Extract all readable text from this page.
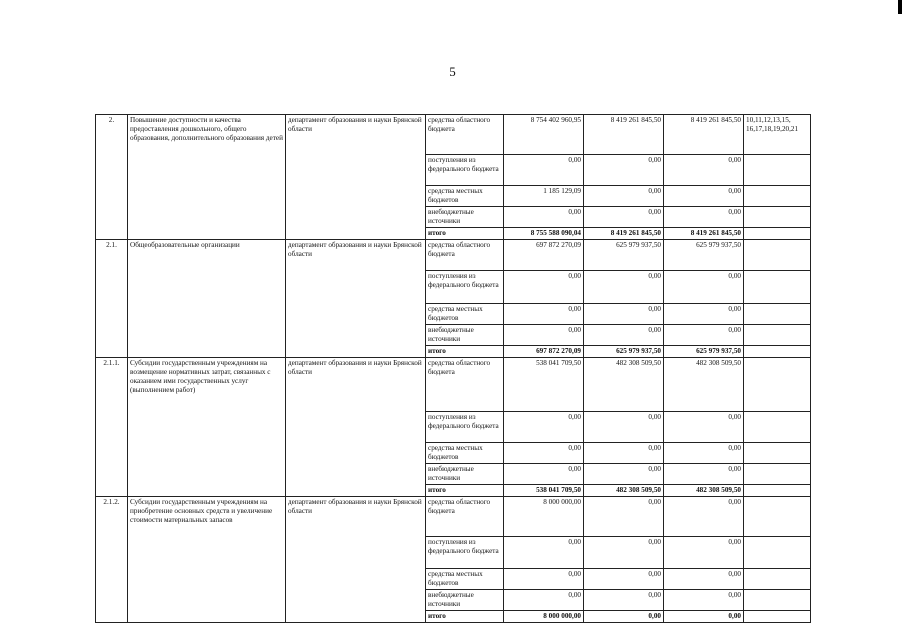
5
2.	Повышение доступности и качества предоставления дошкольного, общего образования, дополнительного образования детей	департамент образования и науки Брянской области	средства областного бюджета	8 754 402 960,95	8 419 261 845,50	8 419 261 845,50	10,11,12,13,15, 16,17,18,19,20,21
			поступления из федерального бюджета	0,00	0,00	0,00	
			средства местных бюджетов	1 185 129,09	0,00	0,00	
			внебюджетные источники	0,00	0,00	0,00	
			итого	8 755 588 090,04	8 419 261 845,50	8 419 261 845,50	
2.1.	Общеобразовательные организации	департамент образования и науки Брянской области	средства областного бюджета	697 872 270,09	625 979 937,50	625 979 937,50	
			поступления из федерального бюджета	0,00	0,00	0,00	
			средства местных бюджетов	0,00	0,00	0,00	
			внебюджетные источники	0,00	0,00	0,00	
			итого	697 872 270,09	625 979 937,50	625 979 937,50	
2.1.1.	Субсидии государственным учреждениям на возмещение нормативных затрат, связанных с оказанием ими государственных услуг (выполнением работ)	департамент образования и науки Брянской области	средства областного бюджета	538 041 709,50	482 308 509,50	482 308 509,50	
			поступления из федерального бюджета	0,00	0,00	0,00	
			средства местных бюджетов	0,00	0,00	0,00	
			внебюджетные источники	0,00	0,00	0,00	
			итого	538 041 709,50	482 308 509,50	482 308 509,50	
2.1.2.	Субсидии государственным учреждениям на приобретение основных средств и увеличение стоимости материальных запасов	департамент образования и науки Брянской области	средства областного бюджета	8 000 000,00	0,00	0,00	
			поступления из федерального бюджета	0,00	0,00	0,00	
			средства местных бюджетов	0,00	0,00	0,00	
			внебюджетные источники	0,00	0,00	0,00	
			итого	8 000 000,00	0,00	0,00	
